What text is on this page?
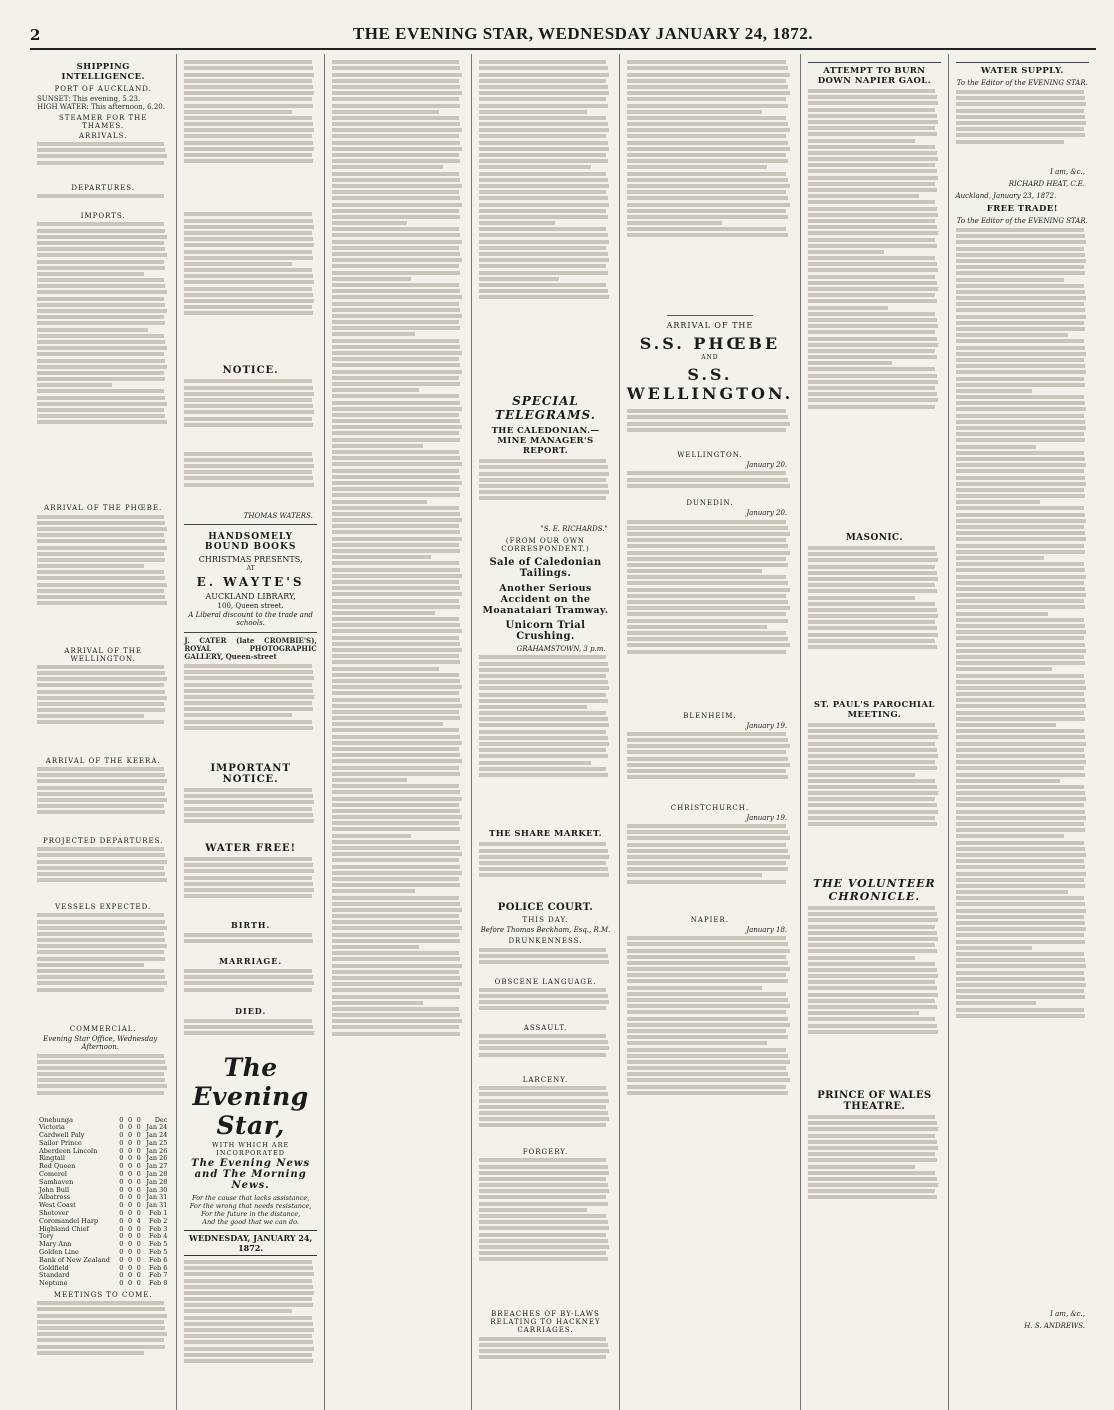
2	THE EVENING STAR, WEDNESDAY JANUARY 24, 1872.
SHIPPING INTELLIGENCE.
PORT OF AUCKLAND.
SUNSET: This evening, 5.23.
HIGH WATER: This afternoon, 6.20.
STEAMER FOR THE THAMES.
ARRIVALS.
DEPARTURES.
IMPORTS.
ARRIVAL OF THE PHŒBE.
ARRIVAL OF THE WELLINGTON.
ARRIVAL OF THE KEERA.
PROJECTED DEPARTURES.
VESSELS EXPECTED.
COMMERCIAL.
Evening Star Office, Wednesday Afternoon.
Onehunga	0	0	0	Dec
Victoria	0	0	0	Jan 24
Cardwell Paly	0	0	0	Jan 24
Sailor Prince	0	0	0	Jan 25
Aberdeen Lincoln	0	0	0	Jan 26
Ringtail	0	0	0	Jan 26
Red Queen	0	0	0	Jan 27
Comerel	0	0	0	Jan 28
Samhaven	0	0	0	Jan 28
John Bull	0	0	0	Jan 30
Albatross	0	0	0	Jan 31
West Coast	0	0	0	Jan 31
Shotover	0	0	0	Feb 1
Coromandel Harp	0	0	4	Feb 2
Highland Chief	0	0	0	Feb 3
Tory	0	0	0	Feb 4
Mary Ann	0	0	0	Feb 5
Golden Line	0	0	0	Feb 5
Bank of New Zealand	0	0	0	Feb 6
Goldfield	0	0	0	Feb 6
Standard	0	0	0	Feb 7
Neptune	0	0	0	Feb 8
MEETINGS TO COME.
NOTICE.
THOMAS WATERS.
HANDSOMELY BOUND BOOKS
CHRISTMAS PRESENTS,
AT
E. WAYTE'S
AUCKLAND LIBRARY,
100, Queen street.
A Liberal discount to the trade and schools.
J. CATER (late CROMBIE'S), ROYAL PHOTOGRAPHIC GALLERY, Queen-street
IMPORTANT NOTICE.
WATER FREE!
BIRTH.
MARRIAGE.
DIED.
The Evening Star,
WITH WHICH ARE INCORPORATED
The Evening News and The Morning News.
For the cause that lacks assistance,
For the wrong that needs resistance,
For the future in the distance,
And the good that we can do.
WEDNESDAY, JANUARY 24, 1872.
SPECIAL TELEGRAMS.
THE CALEDONIAN.—MINE MANAGER'S REPORT.
"S. E. RICHARDS."
(FROM OUR OWN CORRESPONDENT.)
Sale of Caledonian Tailings.
Another Serious Accident on the Moanataiari Tramway.
Unicorn Trial Crushing.
GRAHAMSTOWN, 3 p.m.
THE SHARE MARKET.
POLICE COURT.
THIS DAY.
Before Thomas Beckham, Esq., R.M.
DRUNKENNESS.
OBSCENE LANGUAGE.
ASSAULT.
LARCENY.
FORGERY.
BREACHES OF BY-LAWS RELATING TO HACKNEY CARRIAGES.
ARRIVAL OF THE
S.S. PHŒBE
AND
S.S. WELLINGTON.
WELLINGTON.
January 20.
DUNEDIN.
January 20.
BLENHEIM.
January 19.
CHRISTCHURCH.
January 19.
NAPIER.
January 18.
ATTEMPT TO BURN DOWN NAPIER GAOL.
MASONIC.
ST. PAUL'S PAROCHIAL MEETING.
THE VOLUNTEER CHRONICLE.
PRINCE OF WALES THEATRE.
WATER SUPPLY.
To the Editor of the EVENING STAR.
I am, &c.,
RICHARD HEAT, C.E.
Auckland, January 23, 1872.
FREE TRADE!
To the Editor of the EVENING STAR.
I am, &c.,
H. S. ANDREWS.
